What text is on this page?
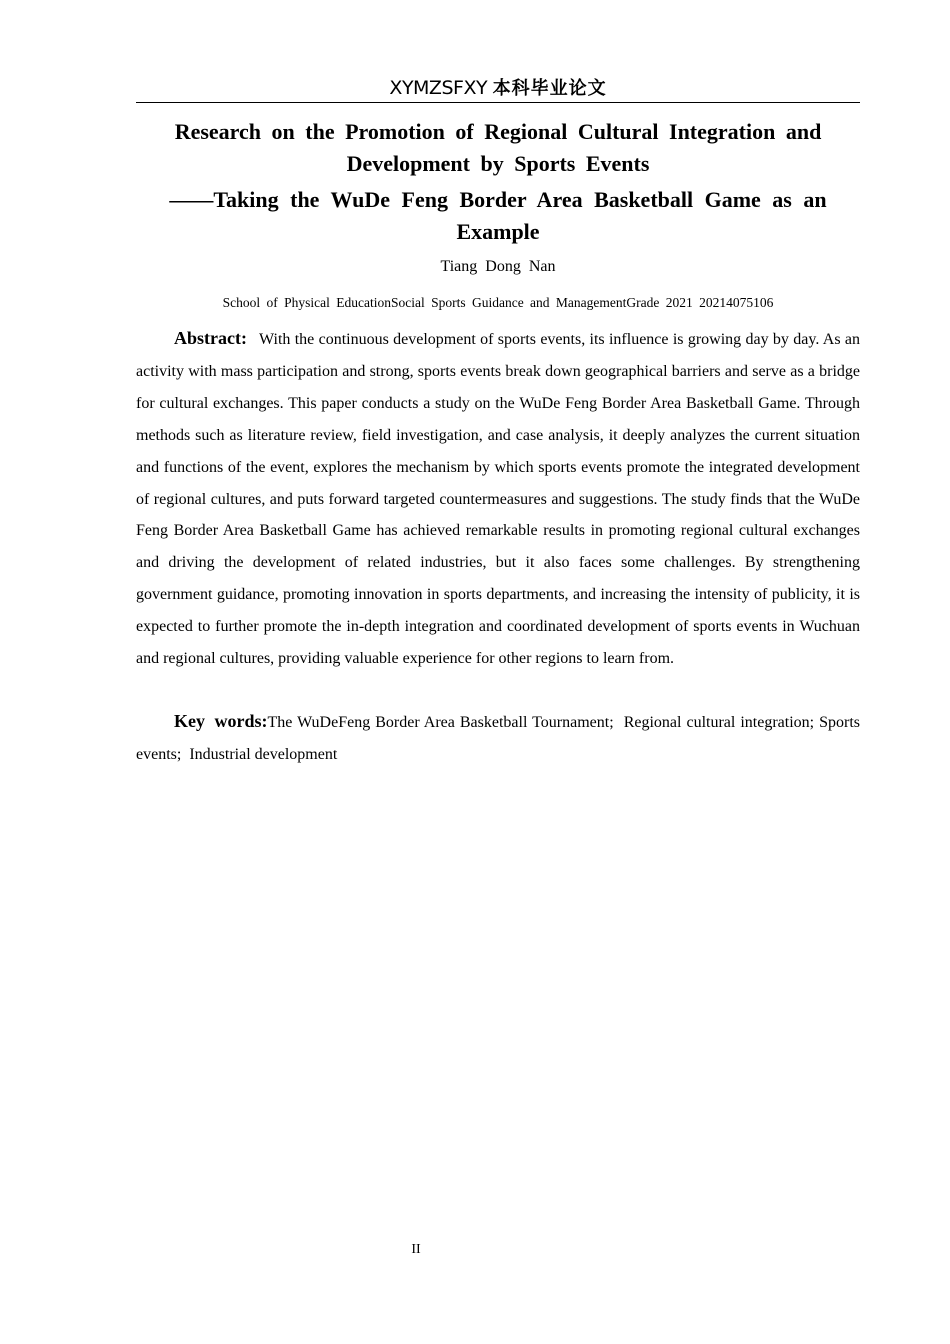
XYMZSFXY 本科毕业论文
Research on the Promotion of Regional Cultural Integration and Development by Sports Events
——Taking the WuDe Feng Border Area Basketball Game as an Example
Tiang Dong Nan
School of Physical EducationSocial Sports Guidance and ManagementGrade 2021 20214075106

Abstract: With the continuous development of sports events, its influence is growing day by day. As an activity with mass participation and strong, sports events break down geographical barriers and serve as a bridge for cultural exchanges. This paper conducts a study on the WuDe Feng Border Area Basketball Game. Through methods such as literature review, field investigation, and case analysis, it deeply analyzes the current situation and functions of the event, explores the mechanism by which sports events promote the integrated development of regional cultures, and puts forward targeted countermeasures and suggestions. The study finds that the WuDe Feng Border Area Basketball Game has achieved remarkable results in promoting regional cultural exchanges and driving the development of related industries, but it also faces some challenges. By strengthening government guidance, promoting innovation in sports departments, and increasing the intensity of publicity, it is expected to further promote the in-depth integration and coordinated development of sports events in Wuchuan and regional cultures, providing valuable experience for other regions to learn from.

Key words:The WuDeFeng Border Area Basketball Tournament; Regional cultural integration; Sports events; Industrial development

II
